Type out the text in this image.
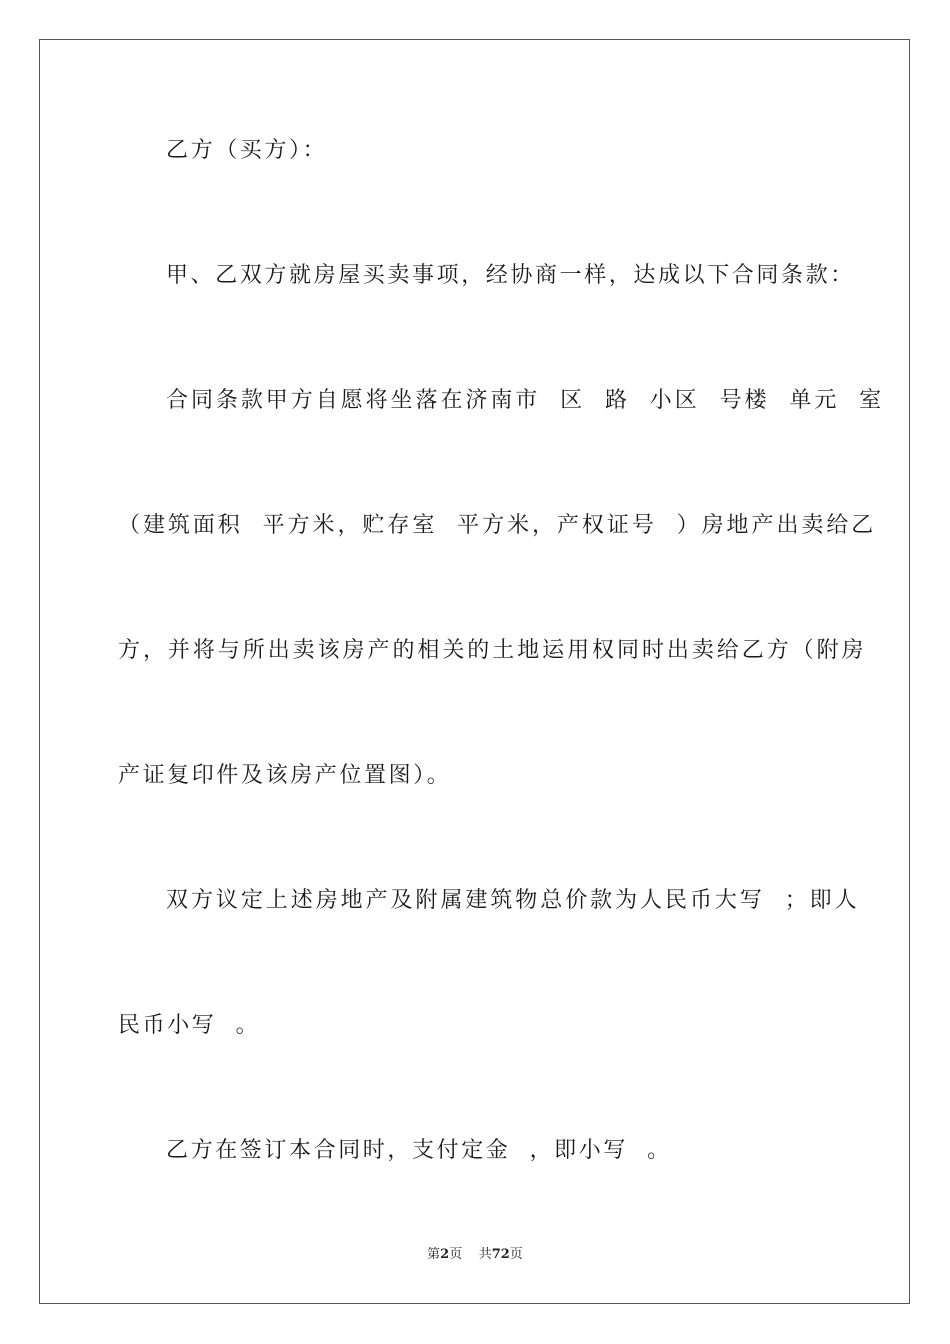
乙方（买方）：
甲、乙双方就房屋买卖事项，经协商一样，达成以下合同条款：
合同条款甲方自愿将坐落在济南市  区  路  小区  号楼  单元  室
（建筑面积  平方米，贮存室  平方米，产权证号  ）房地产出卖给乙
方，并将与所出卖该房产的相关的土地运用权同时出卖给乙方（附房
产证复印件及该房产位置图）。
双方议定上述房地产及附属建筑物总价款为人民币大写  ；即人
民币小写  。
乙方在签订本合同时，支付定金  ，即小写  。
第2页    共72页
